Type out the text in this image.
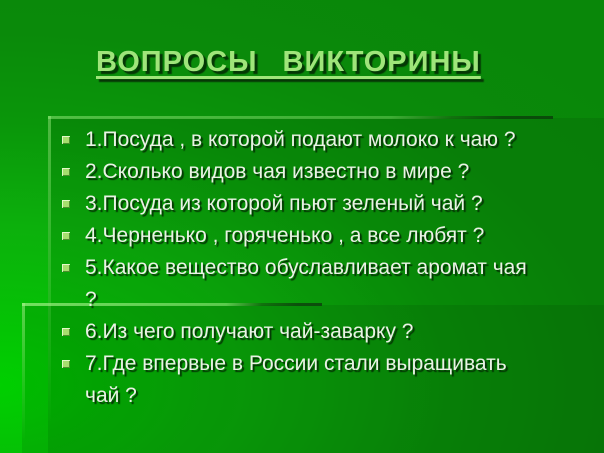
ВОПРОСЫ ВИКТОРИНЫ
1.Посуда , в которой подают молоко к чаю ?
2.Сколько видов чая известно в мире ?
3.Посуда из которой пьют зеленый чай ?
4.Черненько , горяченько , а все любят ?
5.Какое вещество обуславливает аромат чая ?
6.Из чего получают чай-заварку ?
7.Где впервые в России стали выращивать чай ?
